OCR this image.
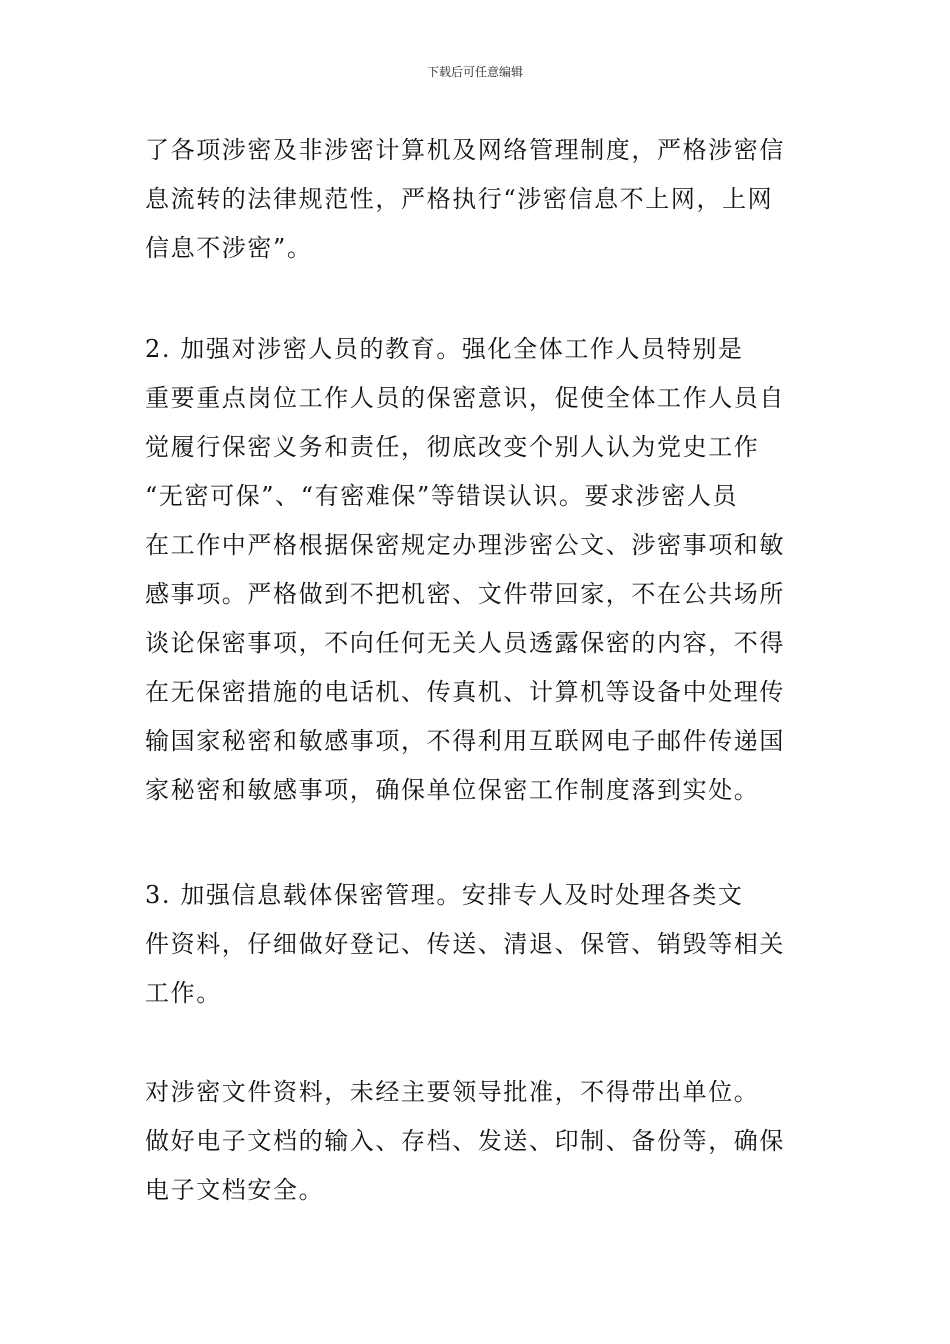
下载后可任意编辑

了各项涉密及非涉密计算机及网络管理制度，严格涉密信
息流转的法律规范性，严格执行“涉密信息不上网，上网
信息不涉密”。

2. 加强对涉密人员的教育。强化全体工作人员特别是
重要重点岗位工作人员的保密意识，促使全体工作人员自
觉履行保密义务和责任，彻底改变个别人认为党史工作
“无密可保”、“有密难保”等错误认识。要求涉密人员
在工作中严格根据保密规定办理涉密公文、涉密事项和敏
感事项。严格做到不把机密、文件带回家，不在公共场所
谈论保密事项，不向任何无关人员透露保密的内容，不得
在无保密措施的电话机、传真机、计算机等设备中处理传
输国家秘密和敏感事项，不得利用互联网电子邮件传递国
家秘密和敏感事项，确保单位保密工作制度落到实处。

3. 加强信息载体保密管理。安排专人及时处理各类文
件资料，仔细做好登记、传送、清退、保管、销毁等相关
工作。

对涉密文件资料，未经主要领导批准，不得带出单位。
做好电子文档的输入、存档、发送、印制、备份等，确保
电子文档安全。
